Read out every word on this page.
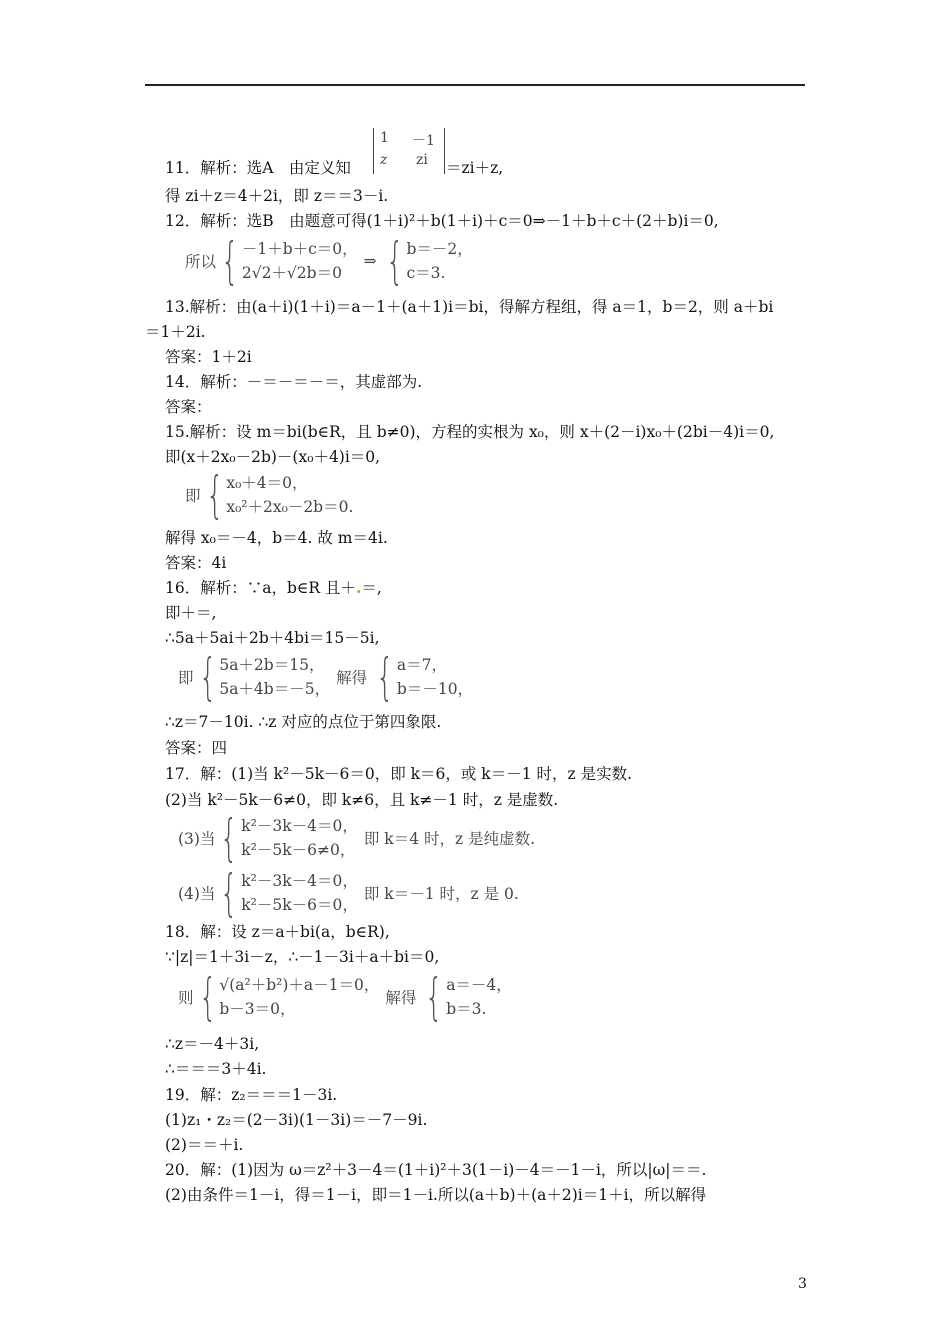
11．解析：选A　由定义知
1 －1
z zi ＝zi＋z,
得 zi＋z＝4＋2i，即 z＝＝3－i.
12．解析：选B　由题意可得(1＋i)²＋b(1＋i)＋c＝0⇒－1＋b＋c＋(2＋b)i＝0,
所以 { －1＋b＋c＝0，
2√2＋√2b＝0
⇒ { b＝－2，
c＝3.
13.解析：由(a＋i)(1＋i)＝a－1＋(a＋1)i＝bi，得解方程组，得 a＝1，b＝2，则 a＋bi
＝1＋2i.
答案：1＋2i
14．解析：－＝－＝－＝，其虚部为.
答案：
15.解析：设 m＝bi(b∈R，且 b≠0)，方程的实根为 x₀，则 x＋(2－i)x₀＋(2bi－4)i＝0,
即(x＋2x₀－2b)－(x₀＋4)i＝0,
即 { x₀＋4＝0，
x₀²＋2x₀－2b＝0.
解得 x₀＝－4，b＝4. 故 m＝4i.
答案：4i
16．解析：∵a，b∈R 且＋.＝,
即＋＝,
∴5a＋5ai＋2b＋4bi＝15－5i,
即 { 5a＋2b＝15，
5a＋4b＝－5，
解得 { a＝7，
b＝－10，
∴z＝7－10i. ∴z 对应的点位于第四象限.
答案：四
17．解：(1)当 k²－5k－6＝0，即 k＝6，或 k＝－1 时，z 是实数.
(2)当 k²－5k－6≠0，即 k≠6，且 k≠－1 时，z 是虚数.
(3)当 { k²－3k－4＝0，
k²－5k－6≠0，
即 k＝4 时，z 是纯虚数.
(4)当 { k²－3k－4＝0，
k²－5k－6＝0，
即 k＝－1 时，z 是 0.
18．解：设 z＝a＋bi(a，b∈R),
∵|z|＝1＋3i－z，∴－1－3i＋a＋bi＝0,
则 { √(a²＋b²)＋a－1＝0，
b－3＝0，
解得 { a＝－4，
b＝3.
∴z＝－4＋3i,
∴＝＝＝3＋4i.
19．解：z₂＝＝＝1－3i.
(1)z₁・z₂＝(2－3i)(1－3i)＝－7－9i.
(2)＝＝＋i.
20．解：(1)因为 ω＝z²＋3－4＝(1＋i)²＋3(1－i)－4＝－1－i，所以|ω|＝＝.
(2)由条件＝1－i，得＝1－i，即＝1－i.所以(a＋b)＋(a＋2)i＝1＋i，所以解得
3
